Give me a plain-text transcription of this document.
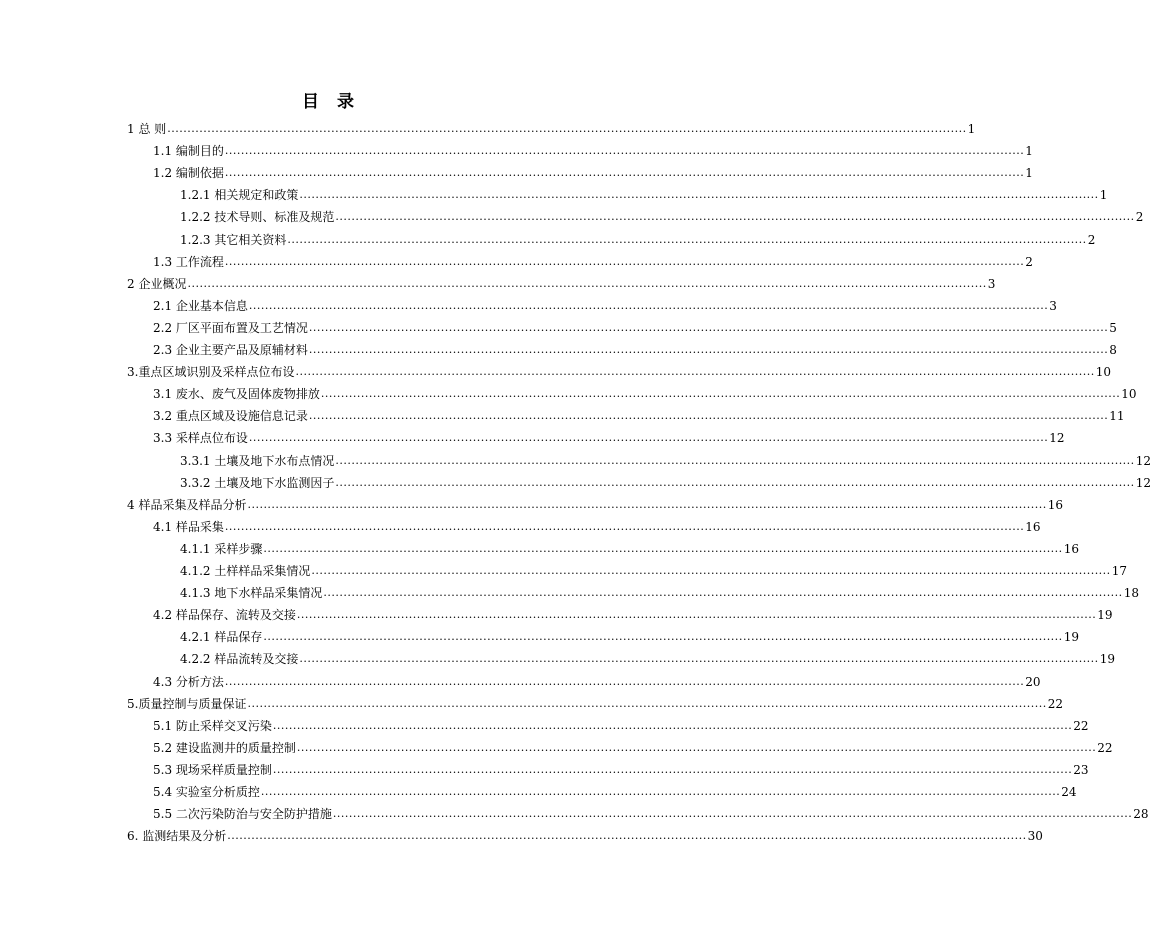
目 录
1 总 则 ........................................................................................................................................................................................................ 1
1.1 编制目的 ........................................................................................................................................................................................................ 1
1.2 编制依据 ........................................................................................................................................................................................................ 1
1.2.1 相关规定和政策 ........................................................................................................................................................................................................ 1
1.2.2 技术导则、标准及规范 ........................................................................................................................................................................................................ 2
1.2.3 其它相关资料 ........................................................................................................................................................................................................ 2
1.3 工作流程 ........................................................................................................................................................................................................ 2
2 企业概况 ........................................................................................................................................................................................................ 3
2.1 企业基本信息 ........................................................................................................................................................................................................ 3
2.2 厂区平面布置及工艺情况 ........................................................................................................................................................................................................ 5
2.3 企业主要产品及原辅材料 ........................................................................................................................................................................................................ 8
3.重点区域识别及采样点位布设 ........................................................................................................................................................................................................ 10
3.1 废水、废气及固体废物排放 ........................................................................................................................................................................................................ 10
3.2 重点区域及设施信息记录 ........................................................................................................................................................................................................ 11
3.3 采样点位布设 ........................................................................................................................................................................................................ 12
3.3.1 土壤及地下水布点情况 ........................................................................................................................................................................................................ 12
3.3.2 土壤及地下水监测因子 ........................................................................................................................................................................................................ 12
4 样品采集及样品分析 ........................................................................................................................................................................................................ 16
4.1 样品采集 ........................................................................................................................................................................................................ 16
4.1.1 采样步骤 ........................................................................................................................................................................................................ 16
4.1.2 土样样品采集情况 ........................................................................................................................................................................................................ 17
4.1.3 地下水样品采集情况 ........................................................................................................................................................................................................ 18
4.2 样品保存、流转及交接 ........................................................................................................................................................................................................ 19
4.2.1 样品保存 ........................................................................................................................................................................................................ 19
4.2.2 样品流转及交接 ........................................................................................................................................................................................................ 19
4.3 分析方法 ........................................................................................................................................................................................................ 20
5.质量控制与质量保证 ........................................................................................................................................................................................................ 22
5.1 防止采样交叉污染 ........................................................................................................................................................................................................ 22
5.2 建设监测井的质量控制 ........................................................................................................................................................................................................ 22
5.3 现场采样质量控制 ........................................................................................................................................................................................................ 23
5.4 实验室分析质控 ........................................................................................................................................................................................................ 24
5.5 二次污染防治与安全防护措施 ........................................................................................................................................................................................................ 28
6. 监测结果及分析 ........................................................................................................................................................................................................ 30
